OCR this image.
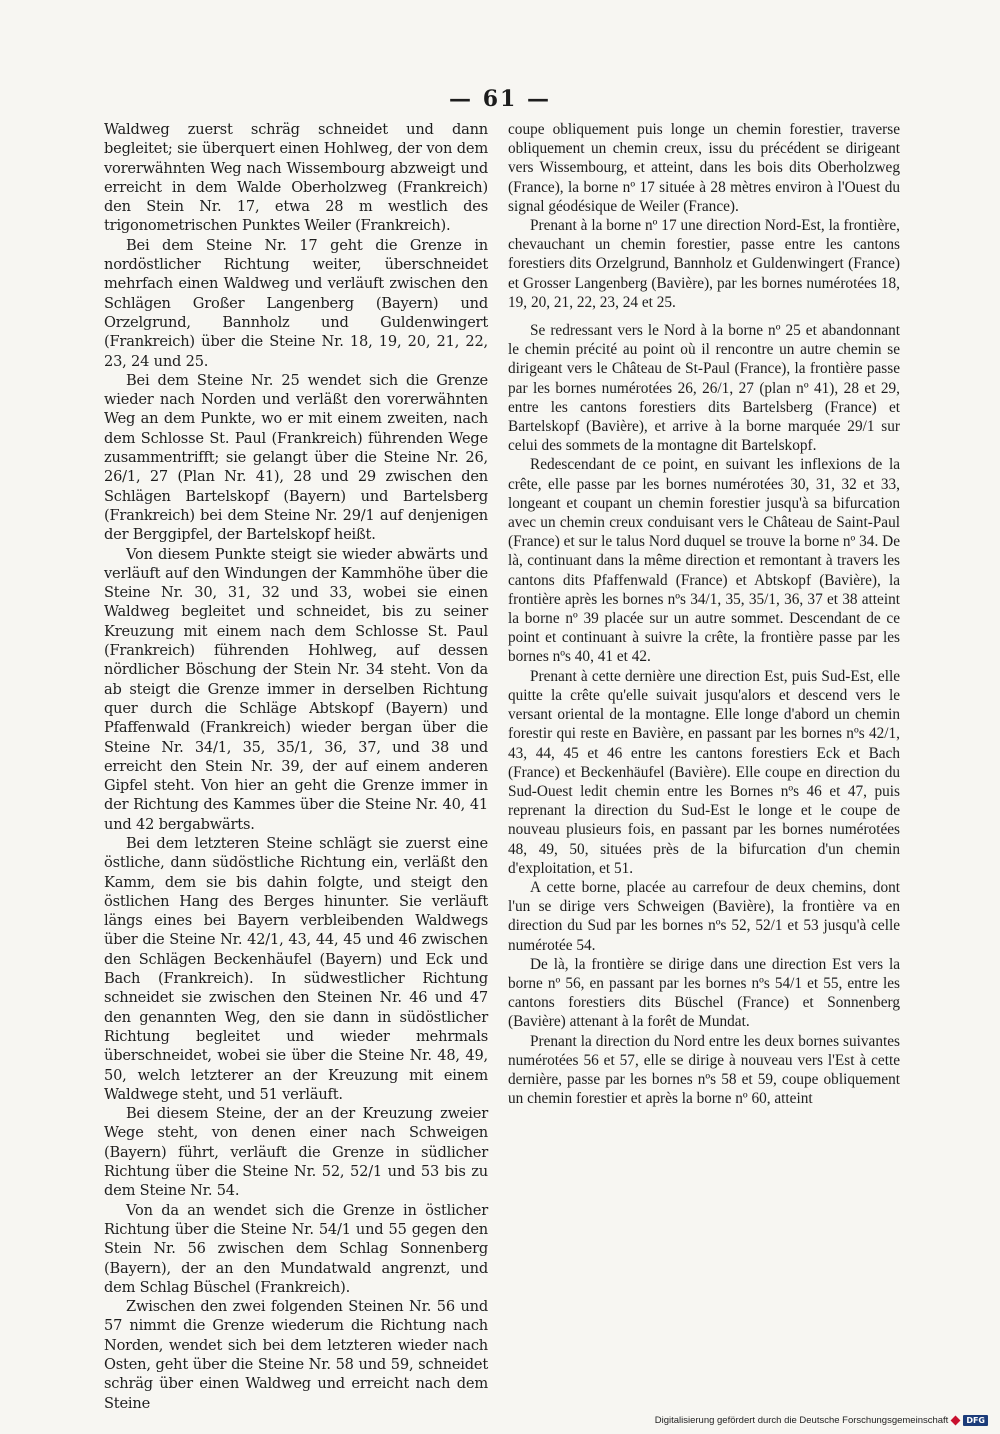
— 61 —

Waldweg zuerst schräg schneidet und dann begleitet; sie überquert einen Hohlweg, der von dem vorerwähnten Weg nach Wissembourg abzweigt und erreicht in dem Walde Oberholzweg (Frankreich) den Stein Nr. 17, etwa 28 m westlich des trigonometrischen Punktes Weiler (Frankreich).

Bei dem Steine Nr. 17 geht die Grenze in nordöstlicher Richtung weiter, überschneidet mehrfach einen Waldweg und verläuft zwischen den Schlägen Großer Langenberg (Bayern) und Orzelgrund, Bannholz und Guldenwingert (Frankreich) über die Steine Nr. 18, 19, 20, 21, 22, 23, 24 und 25.

Bei dem Steine Nr. 25 wendet sich die Grenze wieder nach Norden und verläßt den vorerwähnten Weg an dem Punkte, wo er mit einem zweiten, nach dem Schlosse St. Paul (Frankreich) führenden Wege zusammentrifft; sie gelangt über die Steine Nr. 26, 26/1, 27 (Plan Nr. 41), 28 und 29 zwischen den Schlägen Bartelskopf (Bayern) und Bartelsberg (Frankreich) bei dem Steine Nr. 29/1 auf denjenigen der Berggipfel, der Bartelskopf heißt.

Von diesem Punkte steigt sie wieder abwärts und verläuft auf den Windungen der Kammhöhe über die Steine Nr. 30, 31, 32 und 33, wobei sie einen Waldweg begleitet und schneidet, bis zu seiner Kreuzung mit einem nach dem Schlosse St. Paul (Frankreich) führenden Hohlweg, auf dessen nördlicher Böschung der Stein Nr. 34 steht. Von da ab steigt die Grenze immer in derselben Richtung quer durch die Schläge Abtskopf (Bayern) und Pfaffenwald (Frankreich) wieder bergan über die Steine Nr. 34/1, 35, 35/1, 36, 37, und 38 und erreicht den Stein Nr. 39, der auf einem anderen Gipfel steht. Von hier an geht die Grenze immer in der Richtung des Kammes über die Steine Nr. 40, 41 und 42 bergabwärts.

Bei dem letzteren Steine schlägt sie zuerst eine östliche, dann südöstliche Richtung ein, verläßt den Kamm, dem sie bis dahin folgte, und steigt den östlichen Hang des Berges hinunter. Sie verläuft längs eines bei Bayern verbleibenden Waldwegs über die Steine Nr. 42/1, 43, 44, 45 und 46 zwischen den Schlägen Beckenhäufel (Bayern) und Eck und Bach (Frankreich). In südwestlicher Richtung schneidet sie zwischen den Steinen Nr. 46 und 47 den genannten Weg, den sie dann in südöstlicher Richtung begleitet und wieder mehrmals überschneidet, wobei sie über die Steine Nr. 48, 49, 50, welch letzterer an der Kreuzung mit einem Waldwege steht, und 51 verläuft.

Bei diesem Steine, der an der Kreuzung zweier Wege steht, von denen einer nach Schweigen (Bayern) führt, verläuft die Grenze in südlicher Richtung über die Steine Nr. 52, 52/1 und 53 bis zu dem Steine Nr. 54.

Von da an wendet sich die Grenze in östlicher Richtung über die Steine Nr. 54/1 und 55 gegen den Stein Nr. 56 zwischen dem Schlag Sonnenberg (Bayern), der an den Mundatwald angrenzt, und dem Schlag Büschel (Frankreich).

Zwischen den zwei folgenden Steinen Nr. 56 und 57 nimmt die Grenze wiederum die Richtung nach Norden, wendet sich bei dem letzteren wieder nach Osten, geht über die Steine Nr. 58 und 59, schneidet schräg über einen Waldweg und erreicht nach dem Steine

coupe obliquement puis longe un chemin forestier, traverse obliquement un chemin creux, issu du précédent se dirigeant vers Wissembourg, et atteint, dans les bois dits Oberholzweg (France), la borne nº 17 située à 28 mètres environ à l'Ouest du signal géodésique de Weiler (France).

Prenant à la borne nº 17 une direction Nord-Est, la frontière, chevauchant un chemin forestier, passe entre les cantons forestiers dits Orzelgrund, Bannholz et Guldenwingert (France) et Grosser Langenberg (Bavière), par les bornes numérotées 18, 19, 20, 21, 22, 23, 24 et 25.

Se redressant vers le Nord à la borne nº 25 et abandonnant le chemin précité au point où il rencontre un autre chemin se dirigeant vers le Château de St-Paul (France), la frontière passe par les bornes numérotées 26, 26/1, 27 (plan nº 41), 28 et 29, entre les cantons forestiers dits Bartelsberg (France) et Bartelskopf (Bavière), et arrive à la borne marquée 29/1 sur celui des sommets de la montagne dit Bartelskopf.

Redescendant de ce point, en suivant les inflexions de la crête, elle passe par les bornes numérotées 30, 31, 32 et 33, longeant et coupant un chemin forestier jusqu'à sa bifurcation avec un chemin creux conduisant vers le Château de Saint-Paul (France) et sur le talus Nord duquel se trouve la borne nº 34. De là, continuant dans la même direction et remontant à travers les cantons dits Pfaffenwald (France) et Abtskopf (Bavière), la frontière après les bornes nºs 34/1, 35, 35/1, 36, 37 et 38 atteint la borne nº 39 placée sur un autre sommet. Descendant de ce point et continuant à suivre la crête, la frontière passe par les bornes nºs 40, 41 et 42.

Prenant à cette dernière une direction Est, puis Sud-Est, elle quitte la crête qu'elle suivait jusqu'alors et descend vers le versant oriental de la montagne. Elle longe d'abord un chemin forestir qui reste en Bavière, en passant par les bornes nºs 42/1, 43, 44, 45 et 46 entre les cantons forestiers Eck et Bach (France) et Beckenhäufel (Bavière). Elle coupe en direction du Sud-Ouest ledit chemin entre les Bornes nºs 46 et 47, puis reprenant la direction du Sud-Est le longe et le coupe de nouveau plusieurs fois, en passant par les bornes numérotées 48, 49, 50, situées près de la bifurcation d'un chemin d'exploitation, et 51.

A cette borne, placée au carrefour de deux chemins, dont l'un se dirige vers Schweigen (Bavière), la frontière va en direction du Sud par les bornes nºs 52, 52/1 et 53 jusqu'à celle numérotée 54.

De là, la frontière se dirige dans une direction Est vers la borne nº 56, en passant par les bornes nºs 54/1 et 55, entre les cantons forestiers dits Büschel (France) et Sonnenberg (Bavière) attenant à la forêt de Mundat.

Prenant la direction du Nord entre les deux bornes suivantes numérotées 56 et 57, elle se dirige à nouveau vers l'Est à cette dernière, passe par les bornes nºs 58 et 59, coupe obliquement un chemin forestier et après la borne nº 60, atteint

Digitalisierung gefördert durch die Deutsche Forschungsgemeinschaft	DFG
